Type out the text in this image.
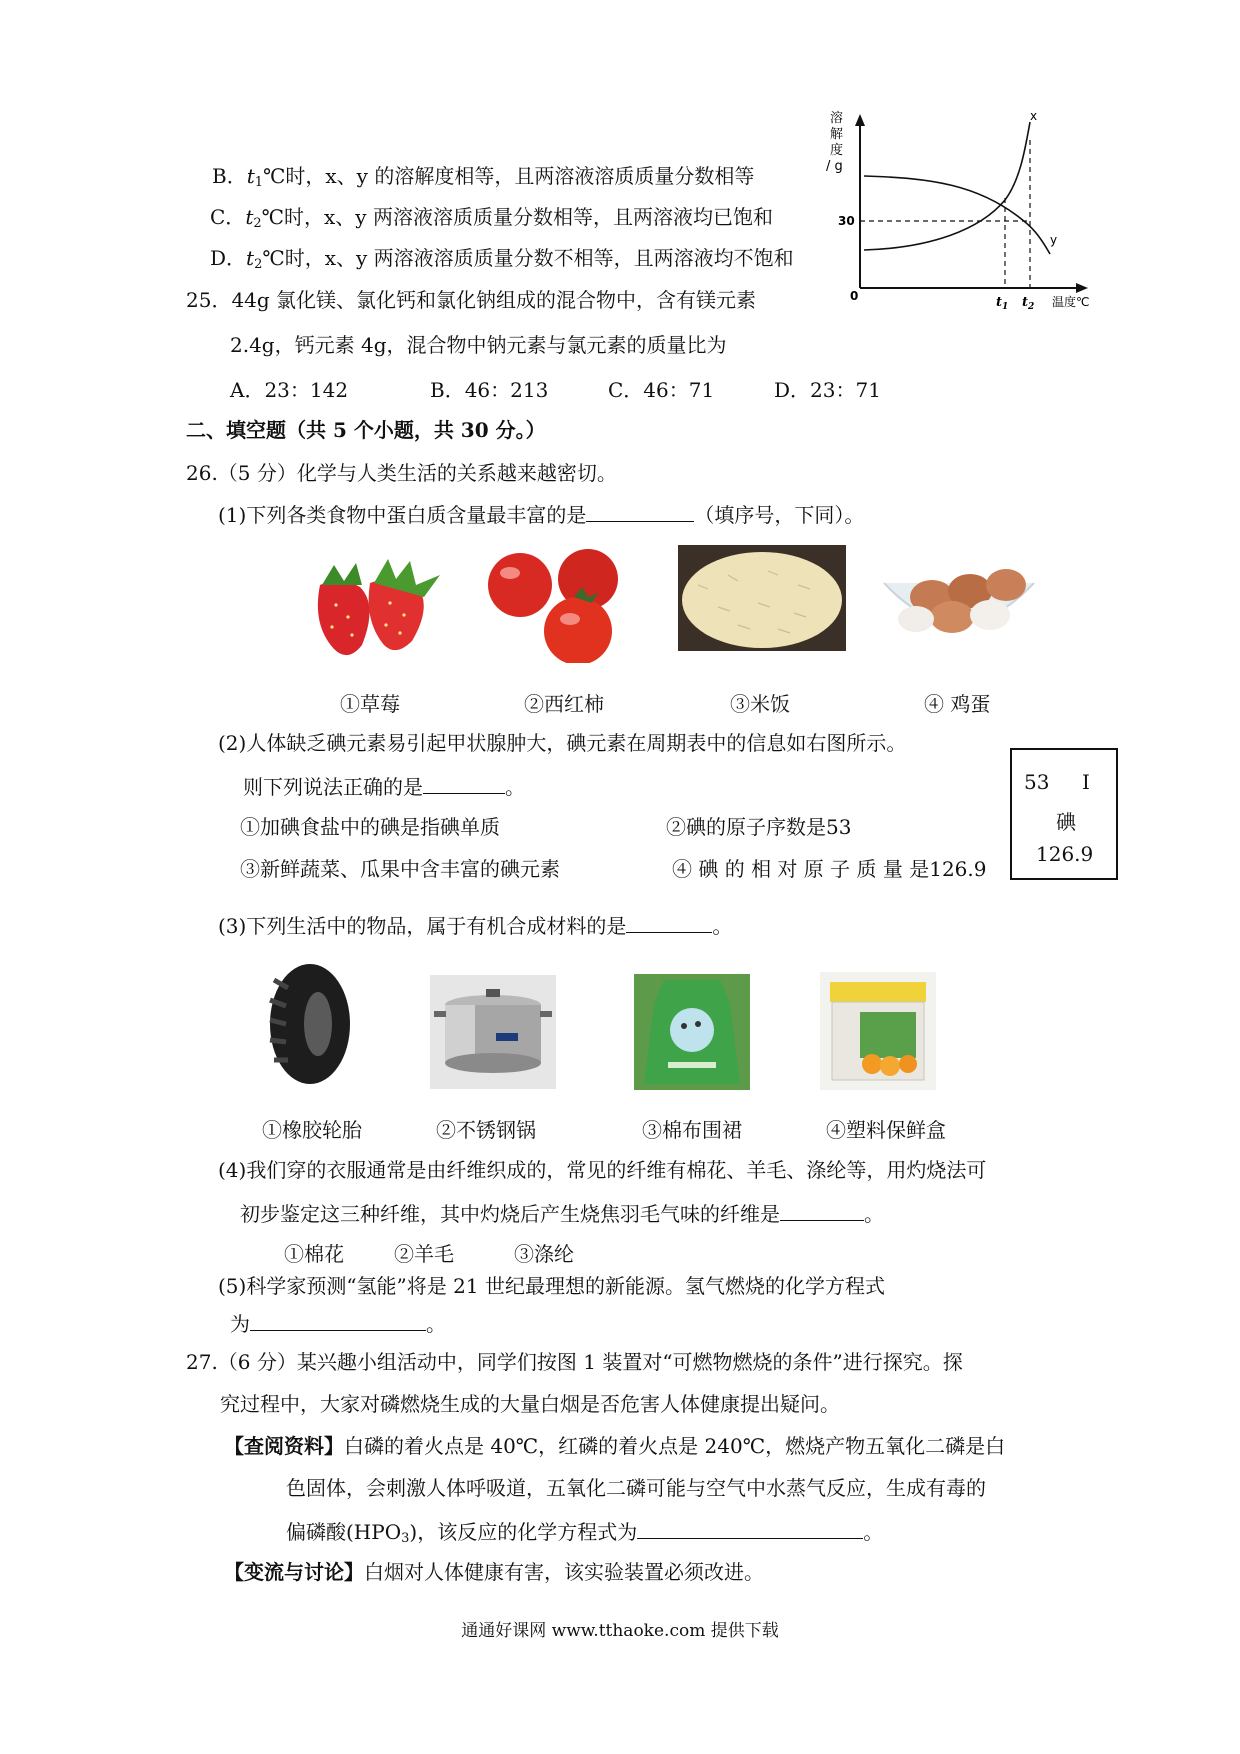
B．$t_1℃$时，x、y 的溶解度相等，且两溶液溶质质量分数相等
C．$t_2℃$时，x、y 两溶液溶质质量分数相等，且两溶液均已饱和
D．$t_2℃$时，x、y 两溶液溶质质量分数不相等，且两溶液均不饱和
溶
解
度
/ g
30
0
x
y
$t_1$ $t_2$ 温度℃
25．44g 氯化镁、氯化钙和氯化钠组成的混合物中，含有镁元素
2.4g，钙元素 4g，混合物中钠元素与氯元素的质量比为
A．23：142	B．46：213	C．46：71	D．23：71
二、填空题（共 5 个小题，共 30 分。）
26.（5 分）化学与人类生活的关系越来越密切。
(1)下列各类食物中蛋白质含量最丰富的是	（填序号，下同）。
①草莓	②西红柿	③米饭	④ 鸡蛋
(2)人体缺乏碘元素易引起甲状腺肿大，碘元素在周期表中的信息如右图所示。
则下列说法正确的是	。
①加碘食盐中的碘是指碘单质	②碘的原子序数是53
③新鲜蔬菜、瓜果中含丰富的碘元素	④ 碘 的 相 对 原 子 质 量 是126.9
53 I
碘
126.9
(3)下列生活中的物品，属于有机合成材料的是	。
①橡胶轮胎	②不锈钢锅	③棉布围裙	④塑料保鲜盒
(4)我们穿的衣服通常是由纤维织成的，常见的纤维有棉花、羊毛、涤纶等，用灼烧法可
初步鉴定这三种纤维，其中灼烧后产生烧焦羽毛气味的纤维是	。
①棉花	②羊毛	③涤纶
(5)科学家预测“氢能”将是 21 世纪最理想的新能源。氢气燃烧的化学方程式
为	。
27.（6 分）某兴趣小组活动中，同学们按图 1 装置对“可燃物燃烧的条件”进行探究。探
究过程中，大家对磷燃烧生成的大量白烟是否危害人体健康提出疑问。
【查阅资料】白磷的着火点是 40℃，红磷的着火点是 240℃，燃烧产物五氧化二磷是白
色固体，会刺激人体呼吸道，五氧化二磷可能与空气中水蒸气反应，生成有毒的
偏磷酸$(HPO_3)$，该反应的化学方程式为	。
【变流与讨论】白烟对人体健康有害，该实验装置必须改进。
通通好课网 www.tthaoke.com 提供下载
